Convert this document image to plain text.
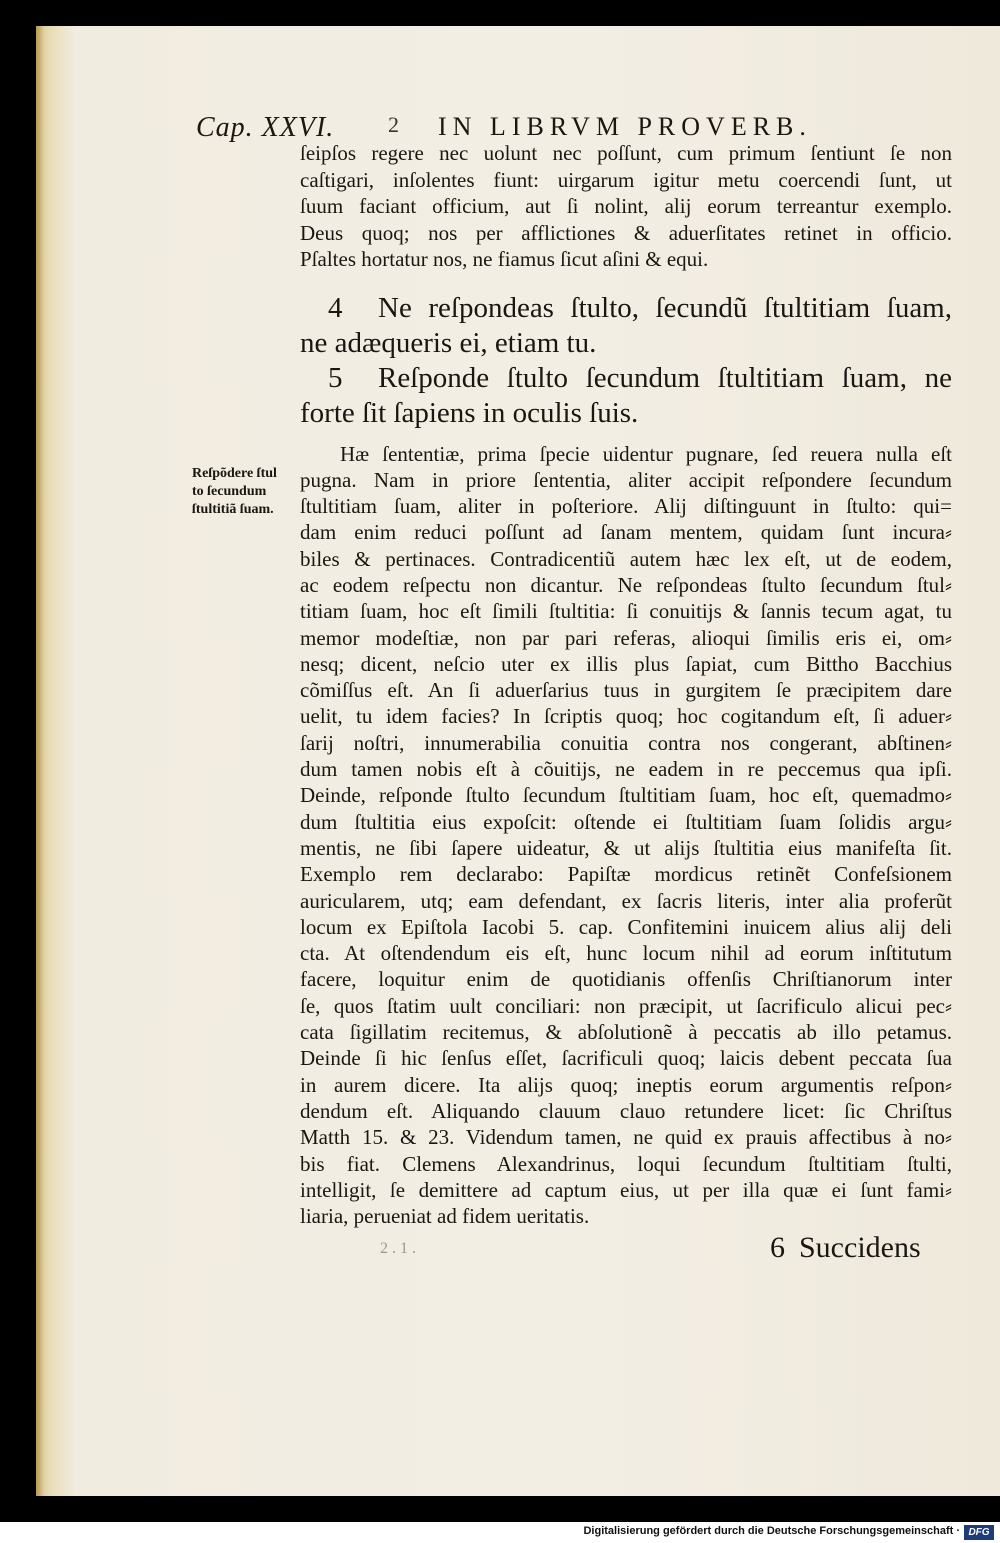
Cap. XXVI. 2 IN LIBRVM PROVERB.
Reſpõdere ſtul
to ſecundum
ſtultitiã ſuam.
ſeipſos regere nec uolunt nec poſſunt, cum primum ſentiunt ſe non
caſtigari, inſolentes fiunt: uirgarum igitur metu coercendi ſunt, ut
ſuum faciant officium, aut ſi nolint, alij eorum terreantur exemplo.
Deus quoq; nos per afflictiones & aduerſitates retinet in officio.
Pſaltes hortatur nos, ne fiamus ſicut aſini & equi.
4 Ne reſpondeas ſtulto, ſecundũ ſtultitiam ſuam,
ne adæqueris ei, etiam tu.
5 Reſponde ſtulto ſecundum ſtultitiam ſuam, ne
forte ſit ſapiens in oculis ſuis.
Hæ ſententiæ, prima ſpecie uidentur pugnare, ſed reuera nulla eſt
pugna. Nam in priore ſententia, aliter accipit reſpondere ſecundum
ſtultitiam ſuam, aliter in poſteriore. Alij diſtinguunt in ſtulto: qui=
dam enim reduci poſſunt ad ſanam mentem, quidam ſunt incura⸗
biles & pertinaces. Contradicentiũ autem hæc lex eſt, ut de eodem,
ac eodem reſpectu non dicantur. Ne reſpondeas ſtulto ſecundum ſtul⸗
titiam ſuam, hoc eſt ſimili ſtultitia: ſi conuitijs & ſannis tecum agat, tu
memor modeſtiæ, non par pari referas, alioqui ſimilis eris ei, om⸗
nesq; dicent, neſcio uter ex illis plus ſapiat, cum Bittho Bacchius
cõmiſſus eſt. An ſi aduerſarius tuus in gurgitem ſe præcipitem dare
uelit, tu idem facies? In ſcriptis quoq; hoc cogitandum eſt, ſi aduer⸗
ſarij noſtri, innumerabilia conuitia contra nos congerant, abſtinen⸗
dum tamen nobis eſt à cõuitijs, ne eadem in re peccemus qua ipſi.
Deinde, reſponde ſtulto ſecundum ſtultitiam ſuam, hoc eſt, quemadmo⸗
dum ſtultitia eius expoſcit: oſtende ei ſtultitiam ſuam ſolidis argu⸗
mentis, ne ſibi ſapere uideatur, & ut alijs ſtultitia eius manifeſta ſit.
Exemplo rem declarabo: Papiſtæ mordicus retinẽt Confeſsionem
auricularem, utq; eam defendant, ex ſacris literis, inter alia proferũt
locum ex Epiſtola Iacobi 5. cap. Confitemini inuicem alius alij deli
cta. At oſtendendum eis eſt, hunc locum nihil ad eorum inſtitutum
facere, loquitur enim de quotidianis offenſis Chriſtianorum inter
ſe, quos ſtatim uult conciliari: non præcipit, ut ſacrificulo alicui pec⸗
cata ſigillatim recitemus, & abſolutionẽ à peccatis ab illo petamus.
Deinde ſi hic ſenſus eſſet, ſacrificuli quoq; laicis debent peccata ſua
in aurem dicere. Ita alijs quoq; ineptis eorum argumentis reſpon⸗
dendum eſt. Aliquando clauum clauo retundere licet: ſic Chriſtus
Matth 15. & 23. Videndum tamen, ne quid ex prauis affectibus à no⸗
bis fiat. Clemens Alexandrinus, loqui ſecundum ſtultitiam ſtulti,
intelligit, ſe demittere ad captum eius, ut per illa quæ ei ſunt fami⸗
liaria, perueniat ad fidem ueritatis.
2 . 1 .	6 Succidens
Digitalisierung gefördert durch die Deutsche Forschungsgemeinschaft · DFG
